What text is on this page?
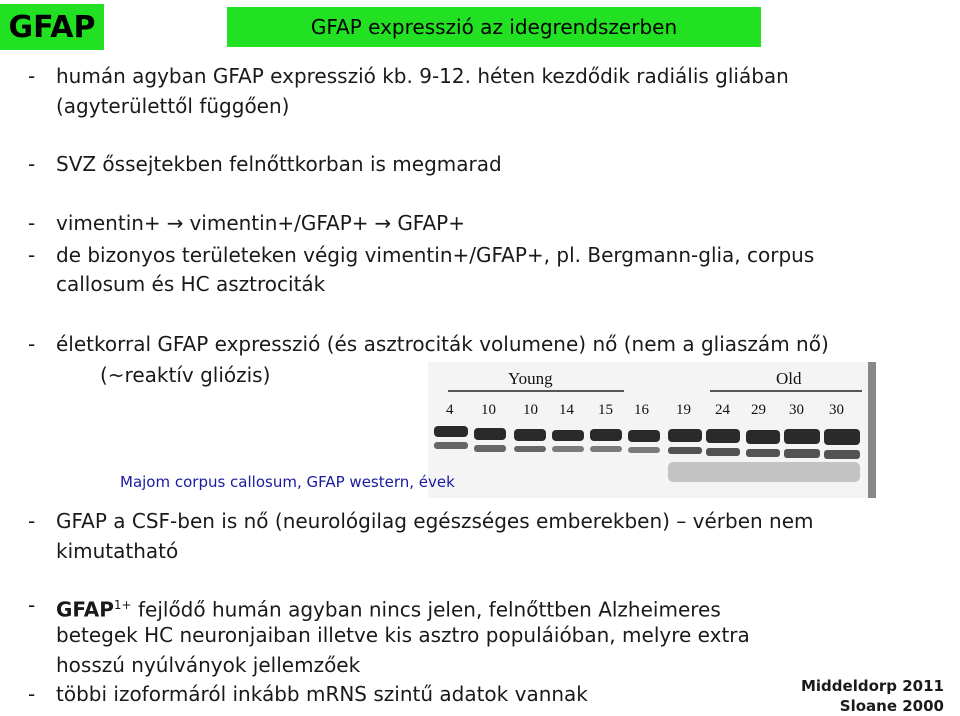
GFAP	GFAP expresszió az idegrendszerben
- humán agyban GFAP expresszió kb. 9-12. héten kezdődik radiális gliában
(agyterülettől függően)
- SVZ őssejtekben felnőttkorban is megmarad
- vimentin+ → vimentin+/GFAP+ → GFAP+
- de bizonyos területeken végig vimentin+/GFAP+, pl. Bergmann-glia, corpus
callosum és HC asztrociták
- életkorral GFAP expresszió (és asztrociták volumene) nő (nem a gliaszám nő)
(~reaktív gliózis)	Young	Old
4 10 10 14 15 16 19 24 29 30 30
Majom corpus callosum, GFAP western, évek
- GFAP a CSF-ben is nő (neurológilag egészséges emberekben) – vérben nem
kimutatható
- $GFAP^{1+}$ fejlődő humán agyban nincs jelen, felnőttben Alzheimeres
betegek HC neuronjaiban illetve kis asztro populáióban, melyre extra
hosszú nyúlványok jellemzőek
- többi izoformáról inkább mRNS szintű adatok vannak	Middeldorp 2011
Sloane 2000
